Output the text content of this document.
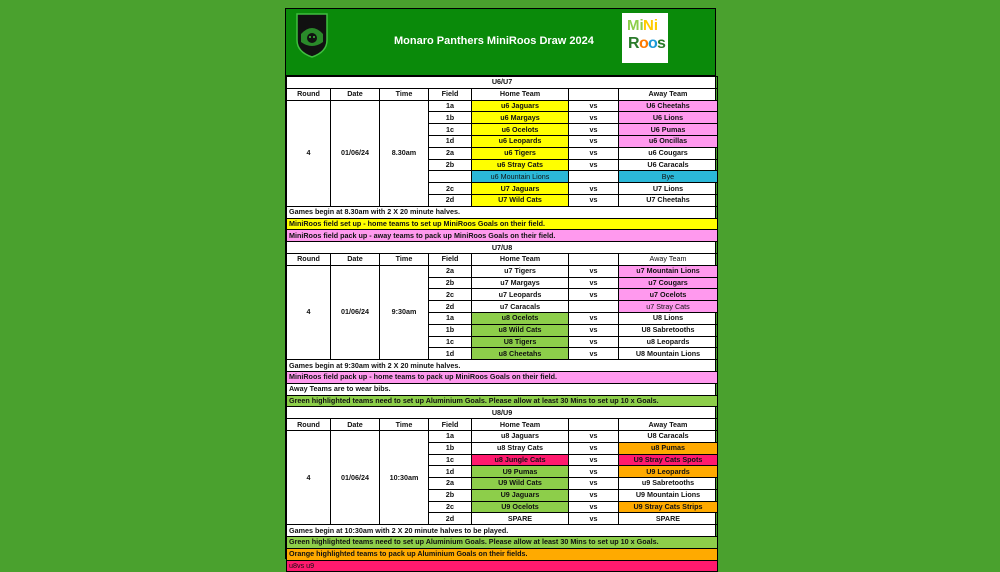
Monaro Panthers MiniRoos Draw 2024
Mi Ni
R o o s
U6/U7						
Round	Date	Time	Field	Home Team		Away Team
4	01/06/24	8.30am	1a	u6 Jaguars	vs	U6 Cheetahs
			1b	u6 Margays	vs	U6 Lions
			1c	u6 Ocelots	vs	U6 Pumas
			1d	u6 Leopards	vs	u6 Oncillas
			2a	u6 Tigers	vs	u6 Cougars
			2b	u6 Stray Cats	vs	U6 Caracals
				u6 Mountain Lions		Bye
			2c	U7 Jaguars	vs	U7 Lions
			2d	U7 Wild Cats	vs	U7 Cheetahs
Games begin at 8.30am with 2 X 20 minute halves.						
MiniRoos field set up - home teams to set up MiniRoos Goals on their field.						
MiniRoos field pack up - away teams to pack up MiniRoos Goals on their field.						
U7/U8						
Round	Date	Time	Field	Home Team		Away Team
4	01/06/24	9:30am	2a	u7 Tigers	vs	u7 Mountain Lions
			2b	u7 Margays	vs	u7 Cougars
			2c	u7 Leopards	vs	u7 Ocelots
			2d	u7 Caracals		u7 Stray Cats
			1a	u8 Ocelots	vs	U8 Lions
			1b	u8 Wild Cats	vs	U8 Sabretooths
			1c	U8 Tigers	vs	u8 Leopards
			1d	u8 Cheetahs	vs	U8 Mountain Lions
Games begin at 9:30am with 2 X 20 minute halves.						
MiniRoos field pack up - home teams to pack up MiniRoos Goals on their field.						
Away Teams are to wear bibs.						
Green highlighted teams need to set up Aluminium Goals. Please allow at least 30 Mins to set up 10 x Goals.						
U8/U9						
Round	Date	Time	Field	Home Team		Away Team
4	01/06/24	10:30am	1a	u8 Jaguars	vs	U8 Caracals
			1b	u8 Stray Cats	vs	u8 Pumas
			1c	u8 Jungle Cats	vs	U9 Stray Cats Spots
			1d	U9 Pumas	vs	U9 Leopards
			2a	U9 Wild Cats	vs	u9 Sabretooths
			2b	U9 Jaguars	vs	U9 Mountain Lions
			2c	U9 Ocelots	vs	U9 Stray Cats Strips
			2d	SPARE	vs	SPARE
Games begin at 10:30am with 2 X 20 minute halves to be played.						
Green highlighted teams need to set up Aluminium Goals. Please allow at least 30 Mins to set up 10 x Goals.						
Orange highlighted teams to pack up Aluminium Goals on their fields.						
u8vs u9						
